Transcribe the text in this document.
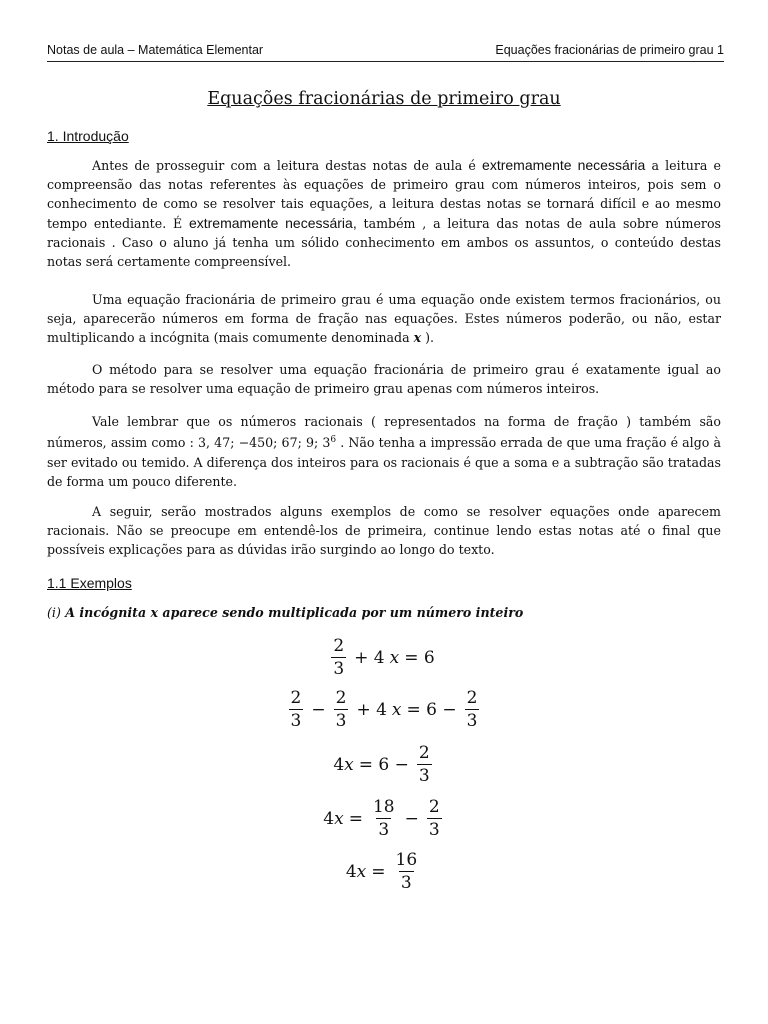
Notas de aula – Matemática Elementar	Equações fracionárias de primeiro grau 1
Equações fracionárias de primeiro grau
1. Introdução

Antes de prosseguir com a leitura destas notas de aula é extremamente necessária a leitura e compreensão das notas referentes às equações de primeiro grau com números inteiros, pois sem o conhecimento de como se resolver tais equações, a leitura destas notas se tornará difícil e ao mesmo tempo entediante. É extremamente necessária, também , a leitura das notas de aula sobre números racionais . Caso o aluno já tenha um sólido conhecimento em ambos os assuntos, o conteúdo destas notas será certamente compreensível.

Uma equação fracionária de primeiro grau é uma equação onde existem termos fracionários, ou seja, aparecerão números em forma de fração nas equações. Estes números poderão, ou não, estar multiplicando a incógnita (mais comumente denominada x ).

O método para se resolver uma equação fracionária de primeiro grau é exatamente igual ao método para se resolver uma equação de primeiro grau apenas com números inteiros.

Vale lembrar que os números racionais ( representados na forma de fração ) também são números, assim como : 3, 47; −450; 67; 9; $3^6$ . Não tenha a impressão errada de que uma fração é algo à ser evitado ou temido. A diferença dos inteiros para os racionais é que a soma e a subtração são tratadas de forma um pouco diferente.

A seguir, serão mostrados alguns exemplos de como se resolver equações onde aparecem racionais. Não se preocupe em entendê-los de primeira, continue lendo estas notas até o final que possíveis explicações para as dúvidas irão surgindo ao longo do texto.

1.1 Exemplos
(i) A incógnita x aparece sendo multiplicada por um número inteiro
$\frac{2}{3} + 4$ x = 6
$\frac{2}{3} - \frac{2}{3} + 4$ $x = 6 - \frac{2}{3}$
4 $x = 6 - \frac{2}{3}$
4 $x = \frac{18}{3} - \frac{2}{3}$
4 $x = \frac{16}{3}$
